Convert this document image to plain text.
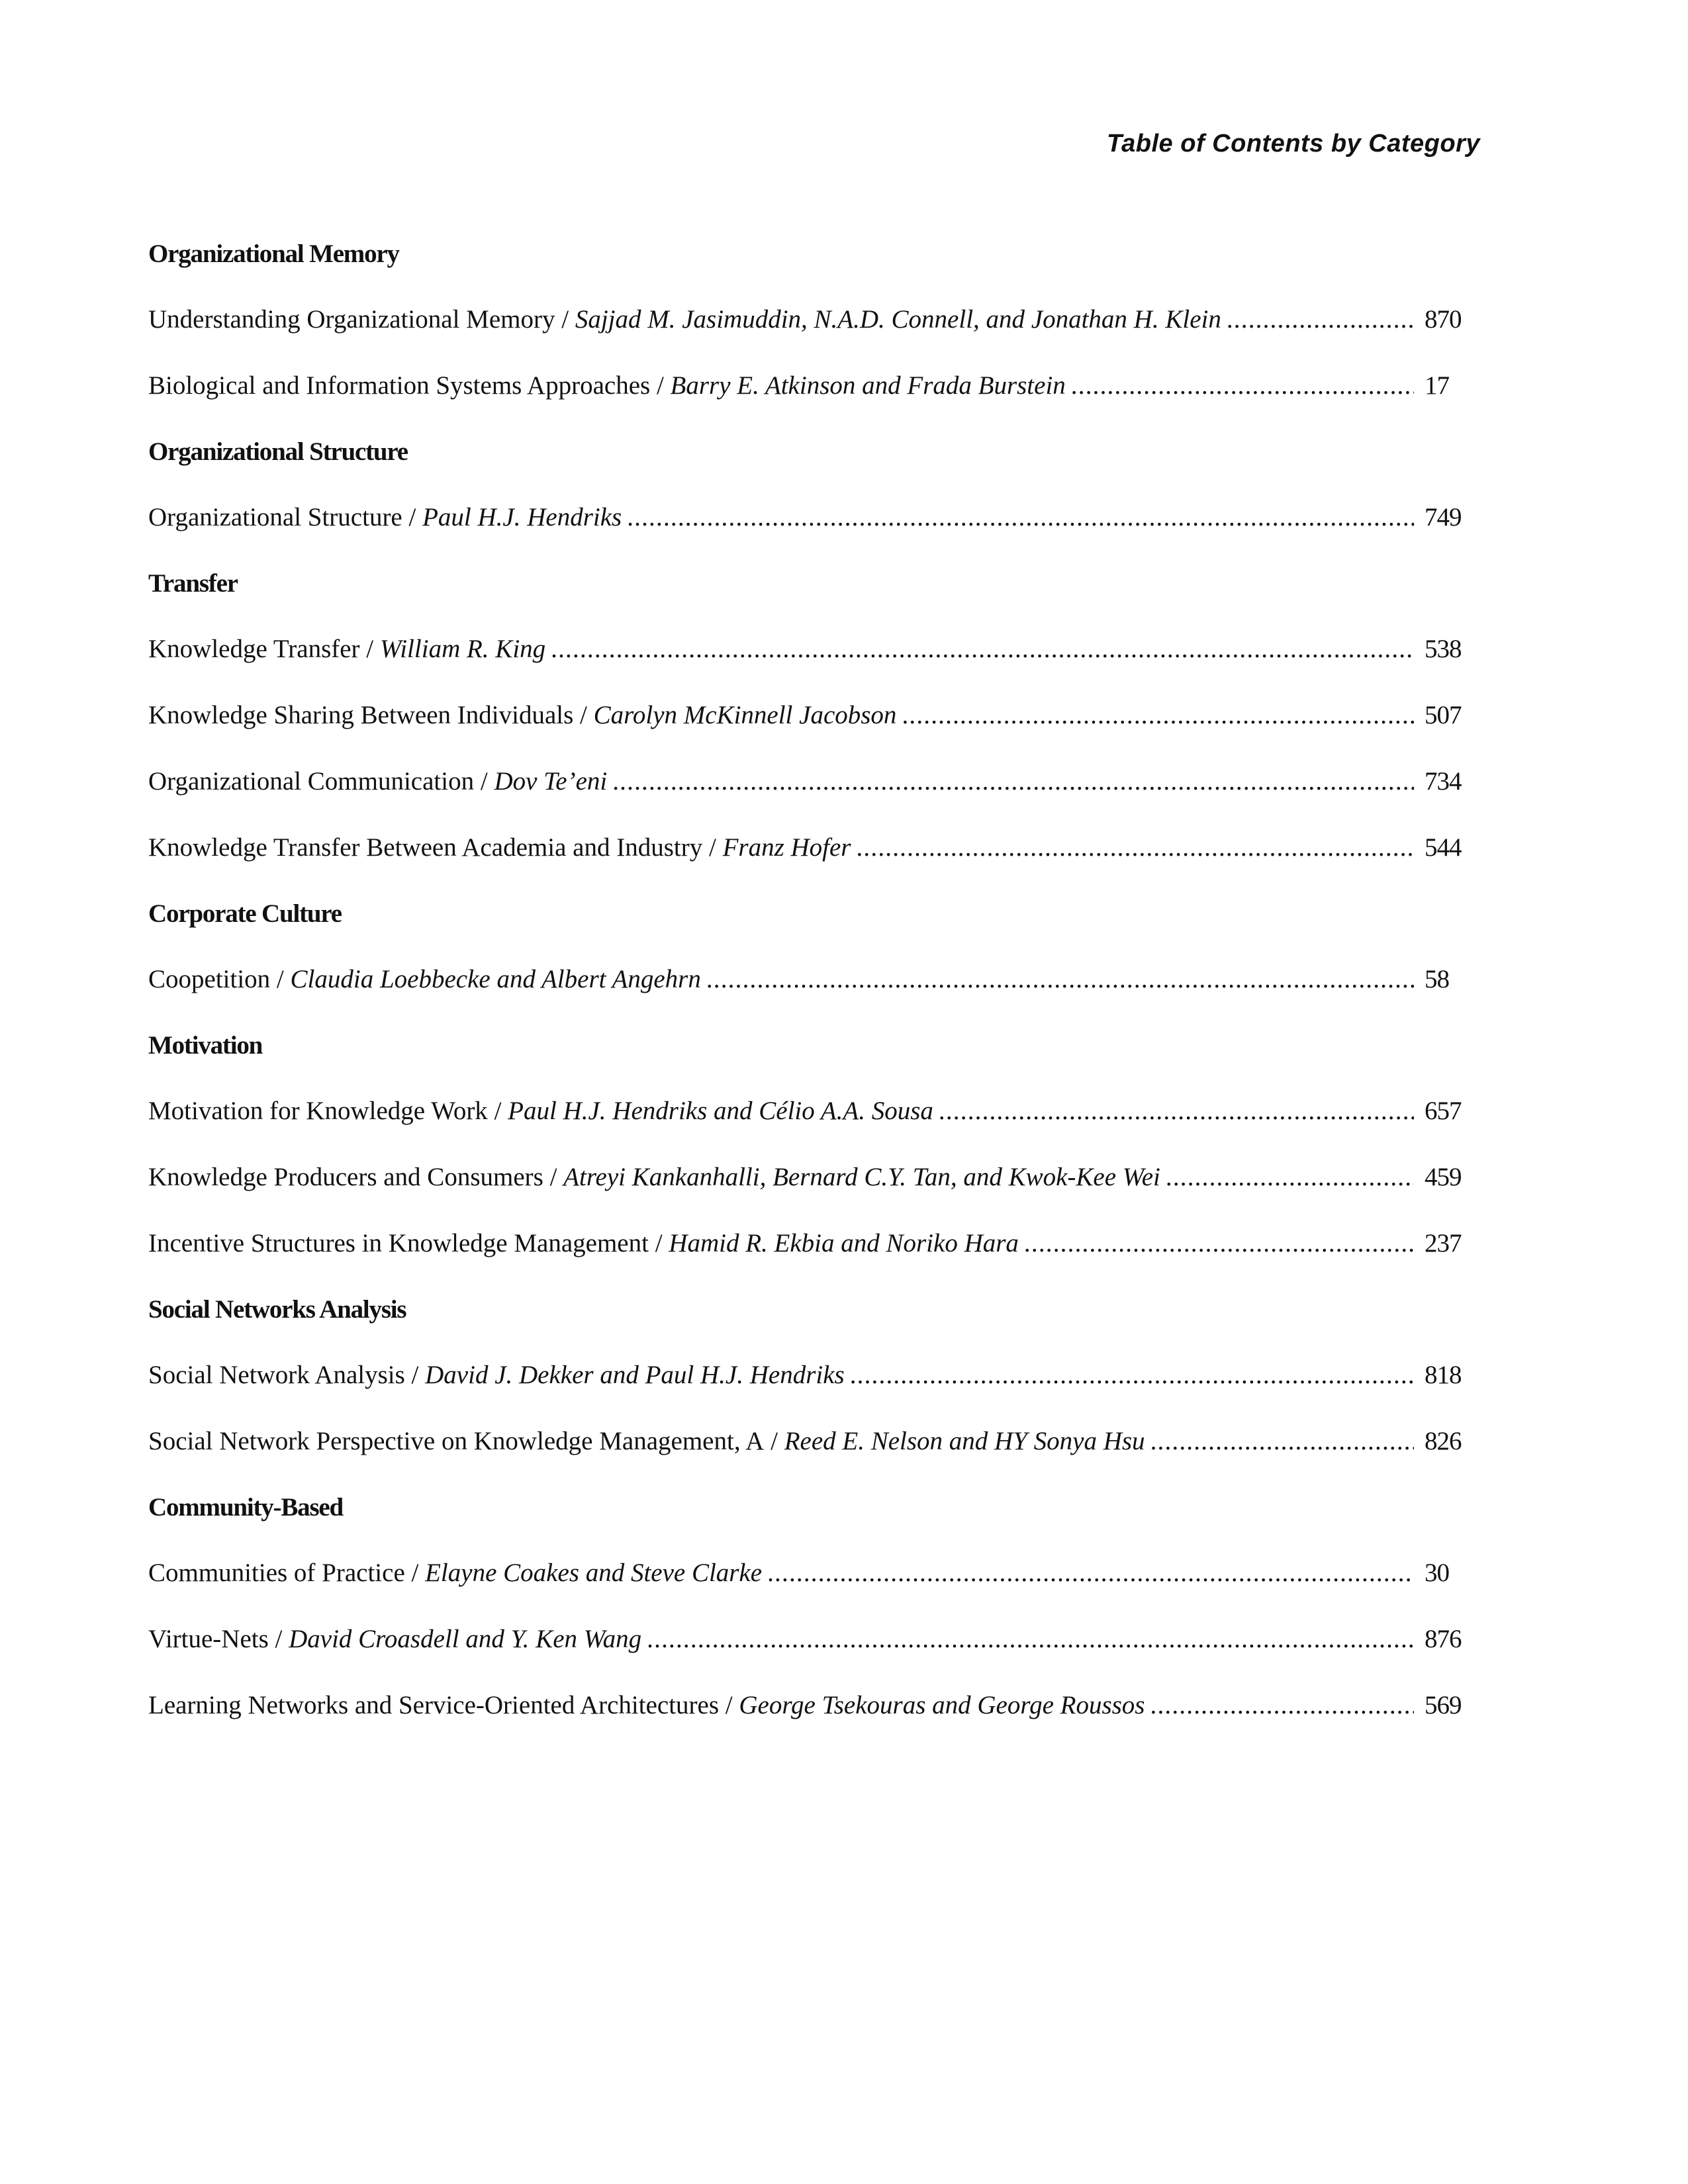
Table of Contents by Category
Organizational Memory
Understanding Organizational Memory / Sajjad M. Jasimuddin, N.A.D. Connell, and Jonathan H. Klein .....	870
Biological and Information Systems Approaches / Barry E. Atkinson and Frada Burstein .....	17
Organizational Structure
Organizational Structure / Paul H.J. Hendriks .....	749
Transfer
Knowledge Transfer / William R. King .....	538
Knowledge Sharing Between Individuals / Carolyn McKinnell Jacobson .....	507
Organizational Communication / Dov Te’eni .....	734
Knowledge Transfer Between Academia and Industry / Franz Hofer .....	544
Corporate Culture
Coopetition / Claudia Loebbecke and Albert Angehrn .....	58
Motivation
Motivation for Knowledge Work / Paul H.J. Hendriks and Célio A.A. Sousa .....	657
Knowledge Producers and Consumers / Atreyi Kankanhalli, Bernard C.Y. Tan, and Kwok-Kee Wei .....	459
Incentive Structures in Knowledge Management / Hamid R. Ekbia and Noriko Hara .....	237
Social Networks Analysis
Social Network Analysis / David J. Dekker and Paul H.J. Hendriks .....	818
Social Network Perspective on Knowledge Management, A / Reed E. Nelson and HY Sonya Hsu .....	826
Community-Based
Communities of Practice / Elayne Coakes and Steve Clarke .....	30
Virtue-Nets / David Croasdell and Y. Ken Wang .....	876
Learning Networks and Service-Oriented Architectures / George Tsekouras and George Roussos .....	569
